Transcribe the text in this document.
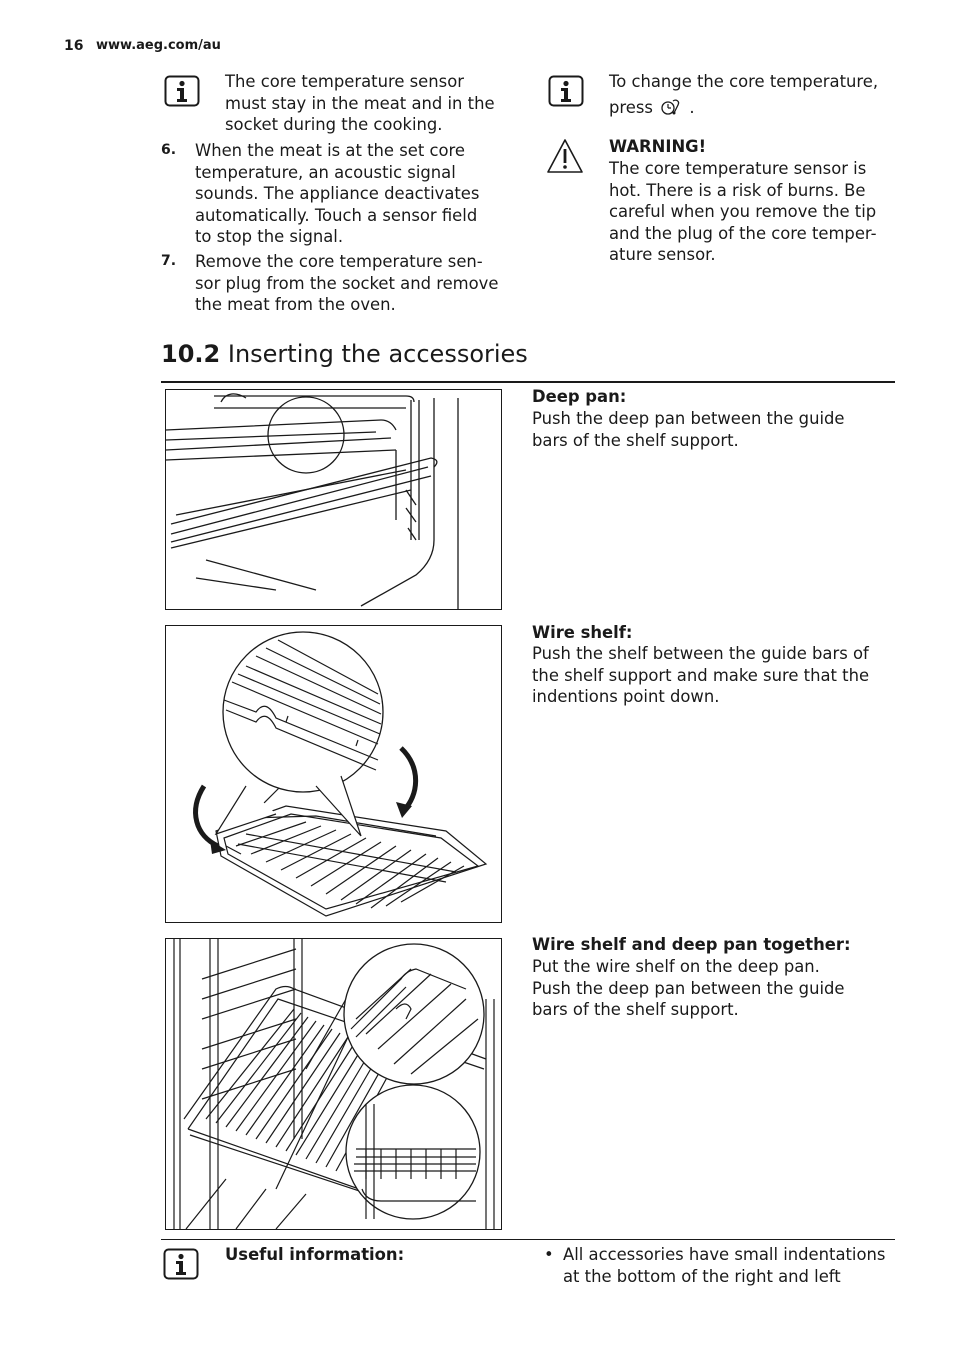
16 www.aeg.com/au
The core temperature sensor
must stay in the meat and in the
socket during the cooking.
6. When the meat is at the set core
temperature, an acoustic signal
sounds. The appliance deactivates
automatically. Touch a sensor field
to stop the signal.
7. Remove the core temperature sen-
sor plug from the socket and remove
the meat from the oven.
To change the core temperature,
press .
WARNING!
The core temperature sensor is
hot. There is a risk of burns. Be
careful when you remove the tip
and the plug of the core temper-
ature sensor.
10.2 Inserting the accessories
Deep pan:
Push the deep pan between the guide
bars of the shelf support.
Wire shelf:
Push the shelf between the guide bars of
the shelf support and make sure that the
indentions point down.
Wire shelf and deep pan together:
Put the wire shelf on the deep pan.
Push the deep pan between the guide
bars of the shelf support.
Useful information:	• All accessories have small indentations
at the bottom of the right and left
